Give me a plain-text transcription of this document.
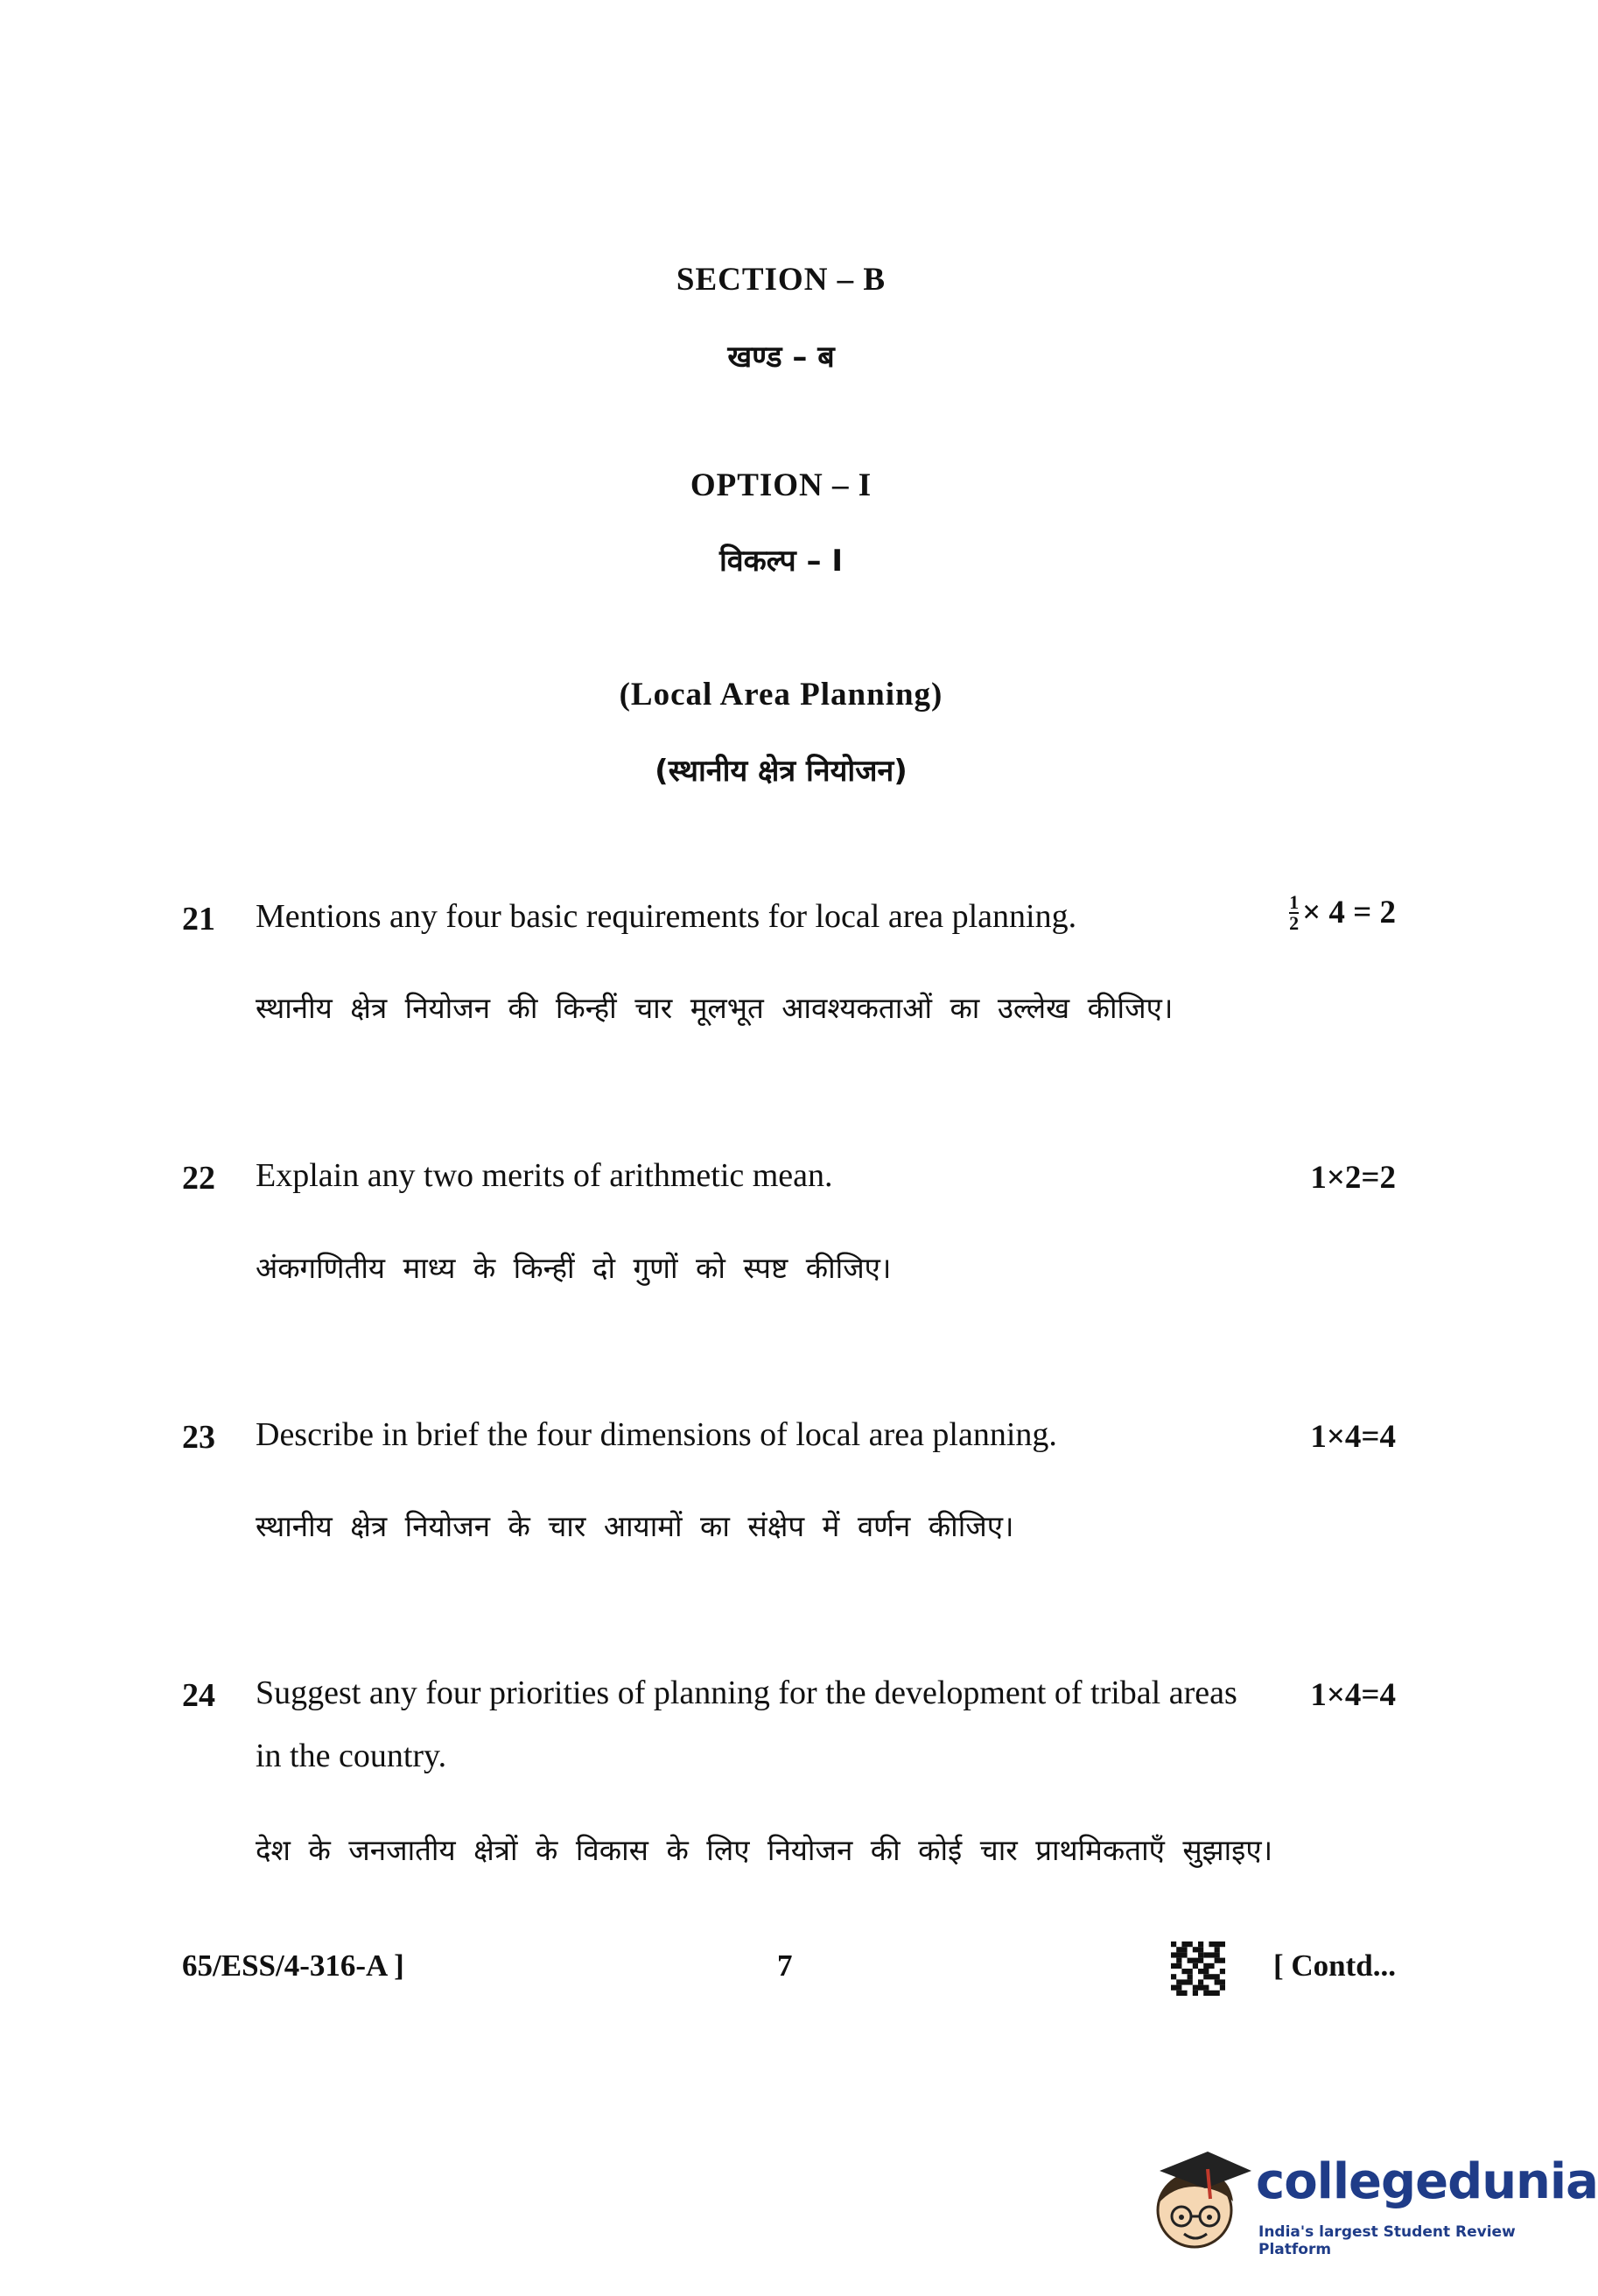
SECTION – B
खण्ड – ब
OPTION – I
विकल्प – I
(Local Area Planning)
(स्थानीय क्षेत्र नियोजन)
21 Mentions any four basic requirements for local area planning.	$\frac{1}{2} \times 4 = 2$
स्थानीय क्षेत्र नियोजन की किन्हीं चार मूलभूत आवश्यकताओं का उल्लेख कीजिए।
22 Explain any two merits of arithmetic mean.	1×2=2
अंकगणितीय माध्य के किन्हीं दो गुणों को स्पष्ट कीजिए।
23 Describe in brief the four dimensions of local area planning.	1×4=4
स्थानीय क्षेत्र नियोजन के चार आयामों का संक्षेप में वर्णन कीजिए।
24 Suggest any four priorities of planning for the development of tribal areas in the country.
1×4=4
देश के जनजातीय क्षेत्रों के विकास के लिए नियोजन की कोई चार प्राथमिकताएँ सुझाइए।
65/ESS/4-316-A ]	7	[ Contd...
collegedunia
India's largest Student Review Platform
